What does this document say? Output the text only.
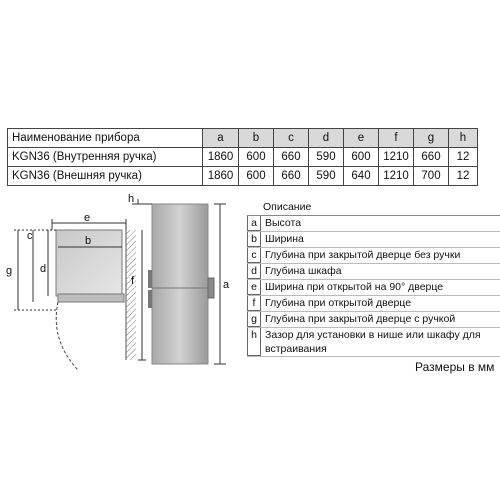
Наименование прибора	a	b	c	d	e	f	g	h
KGN36 (Внутренняя ручка)	1860	600	660	590	600	1210	660	12
KGN36 (Внешняя ручка)	1860	600	660	590	640	1210	700	12
e
b
g
c
d
f
h
a
Описание
a Высота
b Ширина
c Глубина при закрытой дверце без ручки
d Глубина шкафа
e Ширина при открытой на 90° дверце
f Глубина при открытой дверце
g Глубина при закрытой дверце с ручкой
h Зазор для установки в нише или шкафу для встраивания
Размеры в мм
